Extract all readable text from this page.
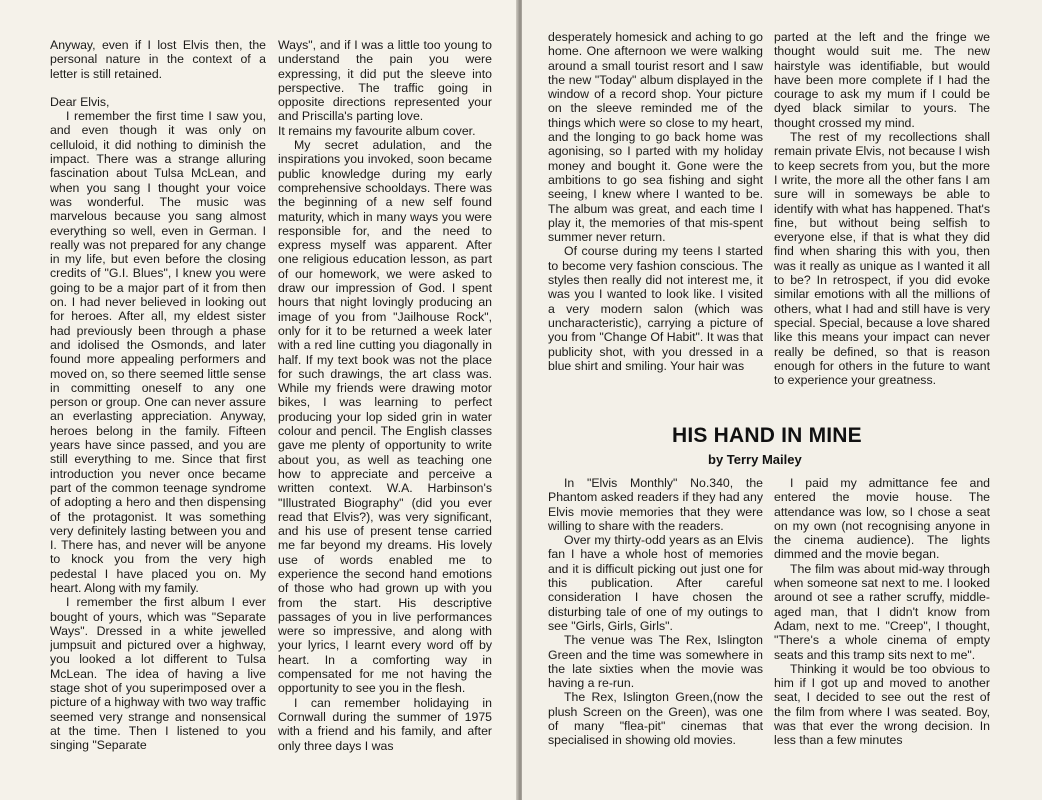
Anyway, even if I lost Elvis then, the personal nature in the context of a letter is still retained.

Dear Elvis,

I remember the first time I saw you, and even though it was only on celluloid, it did nothing to diminish the impact. There was a strange alluring fascination about Tulsa McLean, and when you sang I thought your voice was wonderful. The music was marvelous because you sang almost everything so well, even in German. I really was not prepared for any change in my life, but even before the closing credits of "G.I. Blues", I knew you were going to be a major part of it from then on. I had never believed in looking out for heroes. After all, my eldest sister had previously been through a phase and idolised the Osmonds, and later found more appealing performers and moved on, so there seemed little sense in committing oneself to any one person or group. One can never assure an everlasting appreciation. Anyway, heroes belong in the family. Fifteen years have since passed, and you are still everything to me. Since that first introduction you never once became part of the common teenage syndrome of adopting a hero and then dispensing of the protagonist. It was something very definitely lasting between you and I. There has, and never will be anyone to knock you from the very high pedestal I have placed you on. My heart. Along with my family.

I remember the first album I ever bought of yours, which was "Separate Ways". Dressed in a white jewelled jumpsuit and pictured over a highway, you looked a lot different to Tulsa McLean. The idea of having a live stage shot of you superimposed over a picture of a highway with two way traffic seemed very strange and nonsensical at the time. Then I listened to you singing "Separate

Ways", and if I was a little too young to understand the pain you were expressing, it did put the sleeve into perspective. The traffic going in opposite directions represented your and Priscilla's parting love.

It remains my favourite album cover.

My secret adulation, and the inspirations you invoked, soon became public knowledge during my early comprehensive schooldays. There was the beginning of a new self found maturity, which in many ways you were responsible for, and the need to express myself was apparent. After one religious education lesson, as part of our homework, we were asked to draw our impression of God. I spent hours that night lovingly producing an image of you from "Jailhouse Rock", only for it to be returned a week later with a red line cutting you diagonally in half. If my text book was not the place for such drawings, the art class was. While my friends were drawing motor bikes, I was learning to perfect producing your lop sided grin in water colour and pencil. The English classes gave me plenty of opportunity to write about you, as well as teaching one how to appreciate and perceive a written context. W.A. Harbinson's "Illustrated Biography" (did you ever read that Elvis?), was very significant, and his use of present tense carried me far beyond my dreams. His lovely use of words enabled me to experience the second hand emotions of those who had grown up with you from the start. His descriptive passages of you in live performances were so impressive, and along with your lyrics, I learnt every word off by heart. In a comforting way in compensated for me not having the opportunity to see you in the flesh.

I can remember holidaying in Cornwall during the summer of 1975 with a friend and his family, and after only three days I was

desperately homesick and aching to go home. One afternoon we were walking around a small tourist resort and I saw the new "Today" album displayed in the window of a record shop. Your picture on the sleeve reminded me of the things which were so close to my heart, and the longing to go back home was agonising, so I parted with my holiday money and bought it. Gone were the ambitions to go sea fishing and sight seeing, I knew where I wanted to be. The album was great, and each time I play it, the memories of that mis-spent summer never return.

Of course during my teens I started to become very fashion conscious. The styles then really did not interest me, it was you I wanted to look like. I visited a very modern salon (which was uncharacteristic), carrying a picture of you from "Change Of Habit". It was that publicity shot, with you dressed in a blue shirt and smiling. Your hair was

parted at the left and the fringe we thought would suit me. The new hairstyle was identifiable, but would have been more complete if I had the courage to ask my mum if I could be dyed black similar to yours. The thought crossed my mind.

The rest of my recollections shall remain private Elvis, not because I wish to keep secrets from you, but the more I write, the more all the other fans I am sure will in someways be able to identify with what has happened. That's fine, but without being selfish to everyone else, if that is what they did find when sharing this with you, then was it really as unique as I wanted it all to be? In retrospect, if you did evoke similar emotions with all the millions of others, what I had and still have is very special. Special, because a love shared like this means your impact can never really be defined, so that is reason enough for others in the future to want to experience your greatness.

HIS HAND IN MINE
by Terry Mailey

In "Elvis Monthly" No.340, the Phantom asked readers if they had any Elvis movie memories that they were willing to share with the readers.

Over my thirty-odd years as an Elvis fan I have a whole host of memories and it is difficult picking out just one for this publication. After careful consideration I have chosen the disturbing tale of one of my outings to see "Girls, Girls, Girls".

The venue was The Rex, Islington Green and the time was somewhere in the late sixties when the movie was having a re-run.

The Rex, Islington Green,(now the plush Screen on the Green), was one of many "flea-pit" cinemas that specialised in showing old movies.

I paid my admittance fee and entered the movie house. The attendance was low, so I chose a seat on my own (not recognising anyone in the cinema audience). The lights dimmed and the movie began.

The film was about mid-way through when someone sat next to me. I looked around ot see a rather scruffy, middle-aged man, that I didn't know from Adam, next to me. "Creep", I thought, "There's a whole cinema of empty seats and this tramp sits next to me".

Thinking it would be too obvious to him if I got up and moved to another seat, I decided to see out the rest of the film from where I was seated. Boy, was that ever the wrong decision. In less than a few minutes
